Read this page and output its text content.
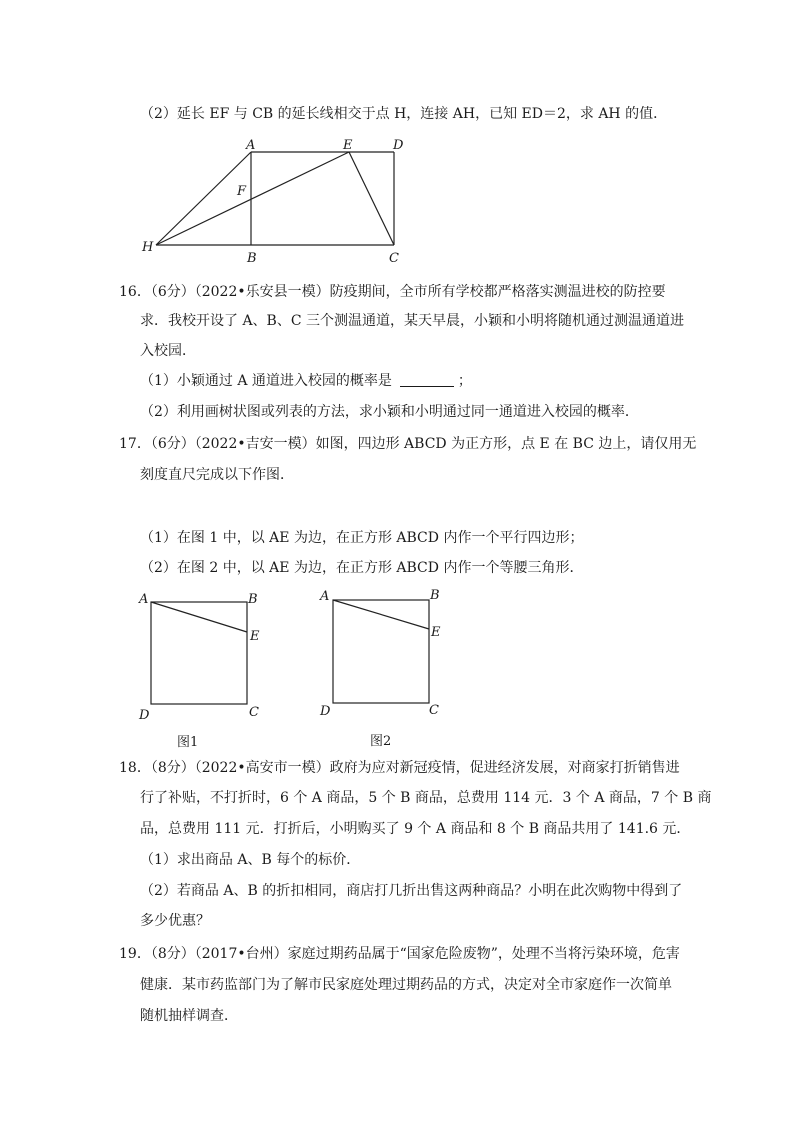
（2）延长 EF 与 CB 的延长线相交于点 H，连接 AH，已知 ED＝2，求 AH 的值．
A	E	D
F
H
B	C
16．（6分）（2022•乐安县一模）防疫期间，全市所有学校都严格落实测温进校的防控要
求．我校开设了 A、B、C 三个测温通道，某天早晨，小颖和小明将随机通过测温通道进
入校园．
（1）小颖通过 A 通道进入校园的概率是	；
（2）利用画树状图或列表的方法，求小颖和小明通过同一通道进入校园的概率．
17．（6分）（2022•吉安一模）如图，四边形 ABCD 为正方形，点 E 在 BC 边上，请仅用无
刻度直尺完成以下作图．
（1）在图 1 中，以 AE 为边，在正方形 ABCD 内作一个平行四边形；
（2）在图 2 中，以 AE 为边，在正方形 ABCD 内作一个等腰三角形．
A	B
E
D	C
图1
A	B
E
D	C
图2
18．（8分）（2022•高安市一模）政府为应对新冠疫情，促进经济发展，对商家打折销售进
行了补贴，不打折时，6 个 A 商品，5 个 B 商品，总费用 114 元．3 个 A 商品，7 个 B 商
品，总费用 111 元．打折后，小明购买了 9 个 A 商品和 8 个 B 商品共用了 141.6 元．
（1）求出商品 A、B 每个的标价．
（2）若商品 A、B 的折扣相同，商店打几折出售这两种商品？小明在此次购物中得到了
多少优惠？
19．（8分）（2017•台州）家庭过期药品属于“国家危险废物”，处理不当将污染环境，危害
健康．某市药监部门为了解市民家庭处理过期药品的方式，决定对全市家庭作一次简单
随机抽样调查．
